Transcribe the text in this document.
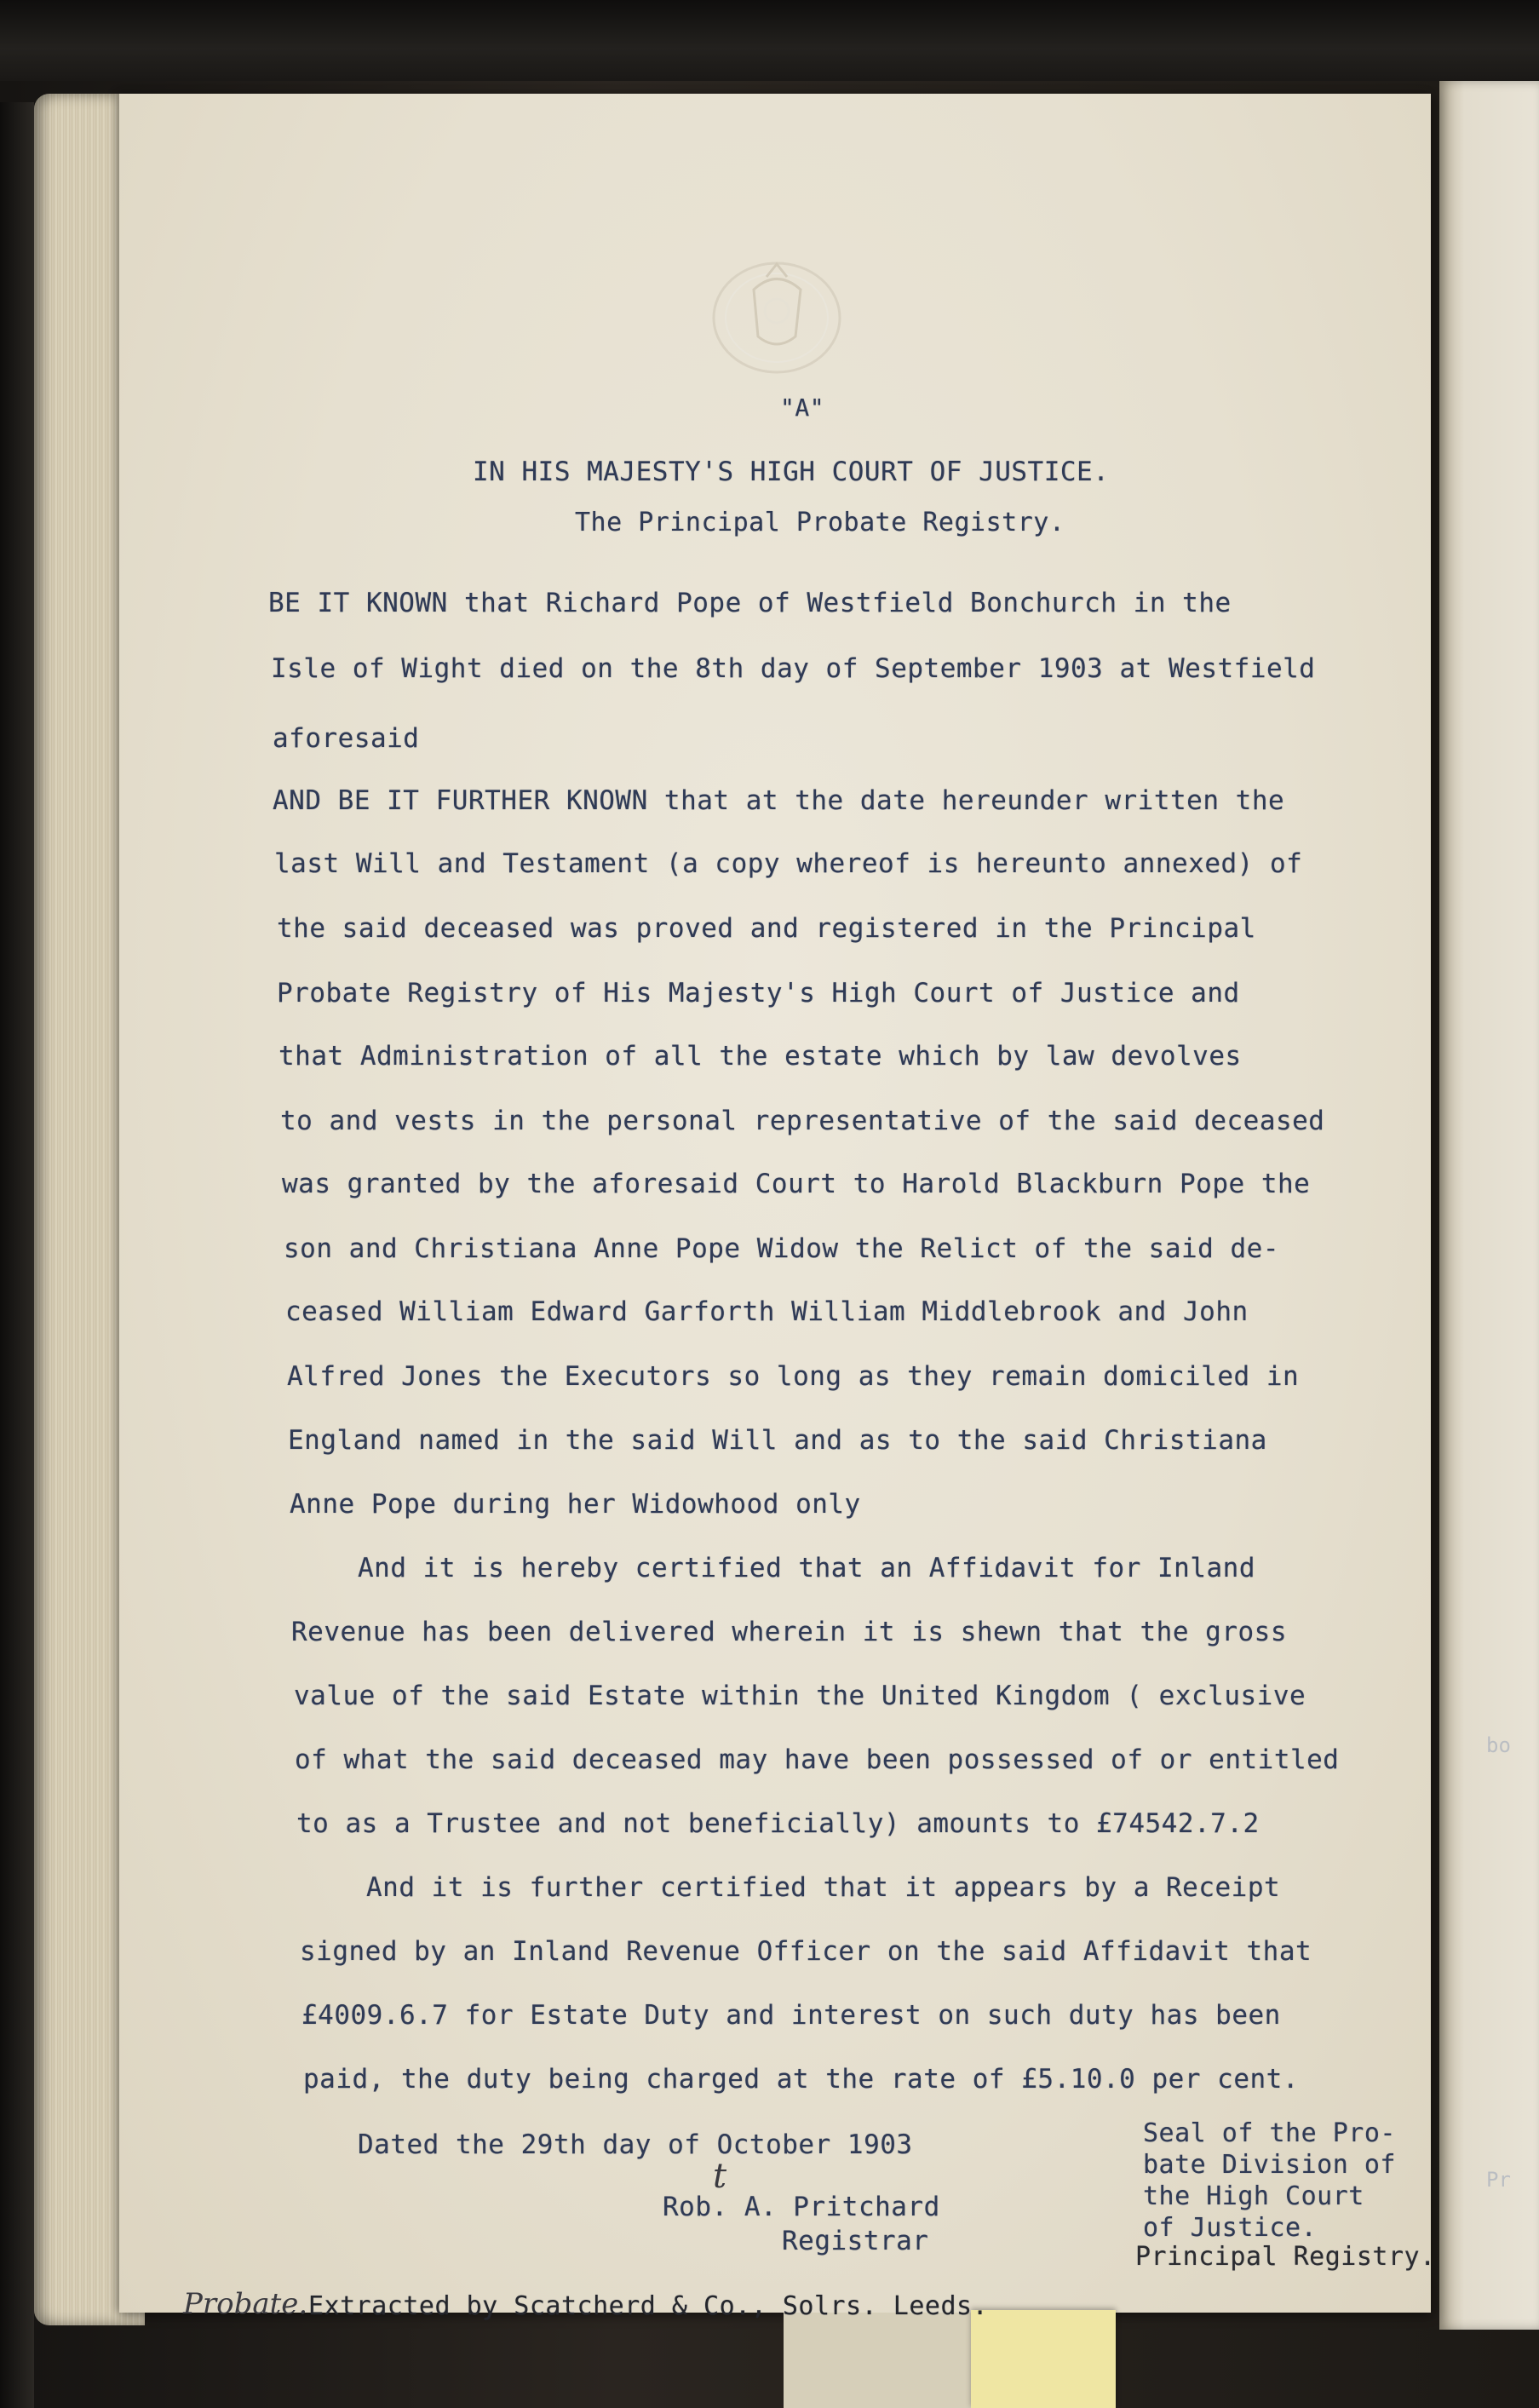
bo
Pr
"A"
IN HIS MAJESTY'S HIGH COURT OF JUSTICE.
The Principal Probate Registry.
BE IT KNOWN that Richard Pope of Westfield Bonchurch in the
Isle of Wight died on the 8th day of September 1903 at Westfield
aforesaid
AND BE IT FURTHER KNOWN that at the date hereunder written the
last Will and Testament (a copy whereof is hereunto annexed) of
the said deceased was proved and registered in the Principal
Probate Registry of His Majesty's High Court of Justice and
that Administration of all the estate which by law devolves
to and vests in the personal representative of the said deceased
was granted by the aforesaid Court to Harold Blackburn Pope the
son and Christiana Anne Pope Widow the Relict of the said de-
ceased William Edward Garforth William Middlebrook and John
Alfred Jones the Executors so long as they remain domiciled in
England named in the said Will and as to the said Christiana
Anne Pope during her Widowhood only
And it is hereby certified that an Affidavit for Inland
Revenue has been delivered wherein it is shewn that the gross
value of the said Estate within the United Kingdom ( exclusive
of what the said deceased may have been possessed of or entitled
to as a Trustee and not beneficially) amounts to £74542.7.2
And it is further certified that it appears by a Receipt
signed by an Inland Revenue Officer on the said Affidavit that
£4009.6.7 for Estate Duty and interest on such duty has been
paid, the duty being charged at the rate of £5.10.0 per cent.
Dated the 29th day of October 1903
t
Rob. A. Pritchard
Registrar
Seal of the Pro-
bate Division of
the High Court
of Justice.
Principal Registry.
Probate. Extracted by Scatcherd & Co., Solrs. Leeds.
